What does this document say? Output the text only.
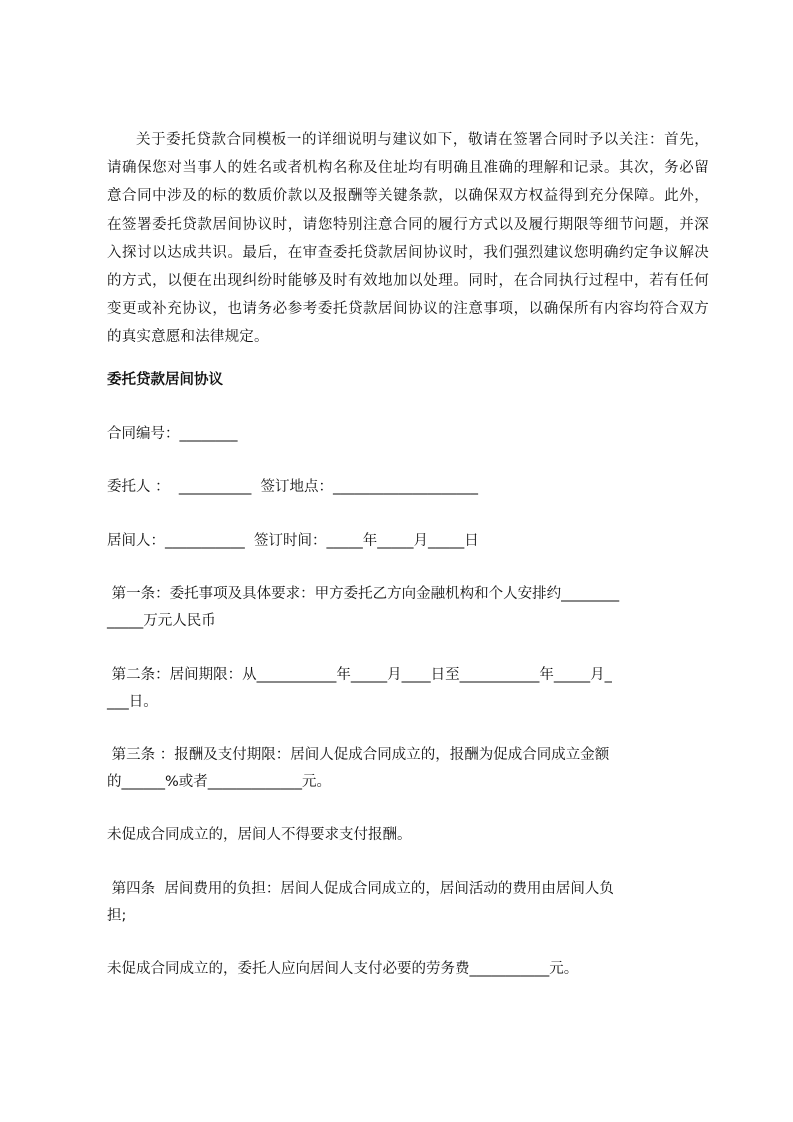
关于委托贷款合同模板一的详细说明与建议如下，敬请在签署合同时予以关注：首先，请确保您对当事人的姓名或者机构名称及住址均有明确且准确的理解和记录。其次，务必留意合同中涉及的标的数质价款以及报酬等关键条款，以确保双方权益得到充分保障。此外，在签署委托贷款居间协议时，请您特别注意合同的履行方式以及履行期限等细节问题，并深入探讨以达成共识。最后，在审查委托贷款居间协议时，我们强烈建议您明确约定争议解决的方式，以便在出现纠纷时能够及时有效地加以处理。同时，在合同执行过程中，若有任何变更或补充协议，也请务必参考委托贷款居间协议的注意事项，以确保所有内容均符合双方的真实意愿和法律规定。

委托贷款居间协议

合同编号：________

委托人 ：  __________  签订地点：____________________

居间人：___________  签订时间：_____年_____月_____日

第一条：委托事项及具体要求：甲方委托乙方向金融机构和个人安排约________

_____万元人民币

第二条：居间期限：从___________年_____月____日至___________年_____月_

___日。

第三条 ：报酬及支付期限：居间人促成合同成立的，报酬为促成合同成立金额

的______%或者_____________元。

未促成合同成立的，居间人不得要求支付报酬。

第四条  居间费用的负担：居间人促成合同成立的，居间活动的费用由居间人负

担;

未促成合同成立的，委托人应向居间人支付必要的劳务费___________元。
